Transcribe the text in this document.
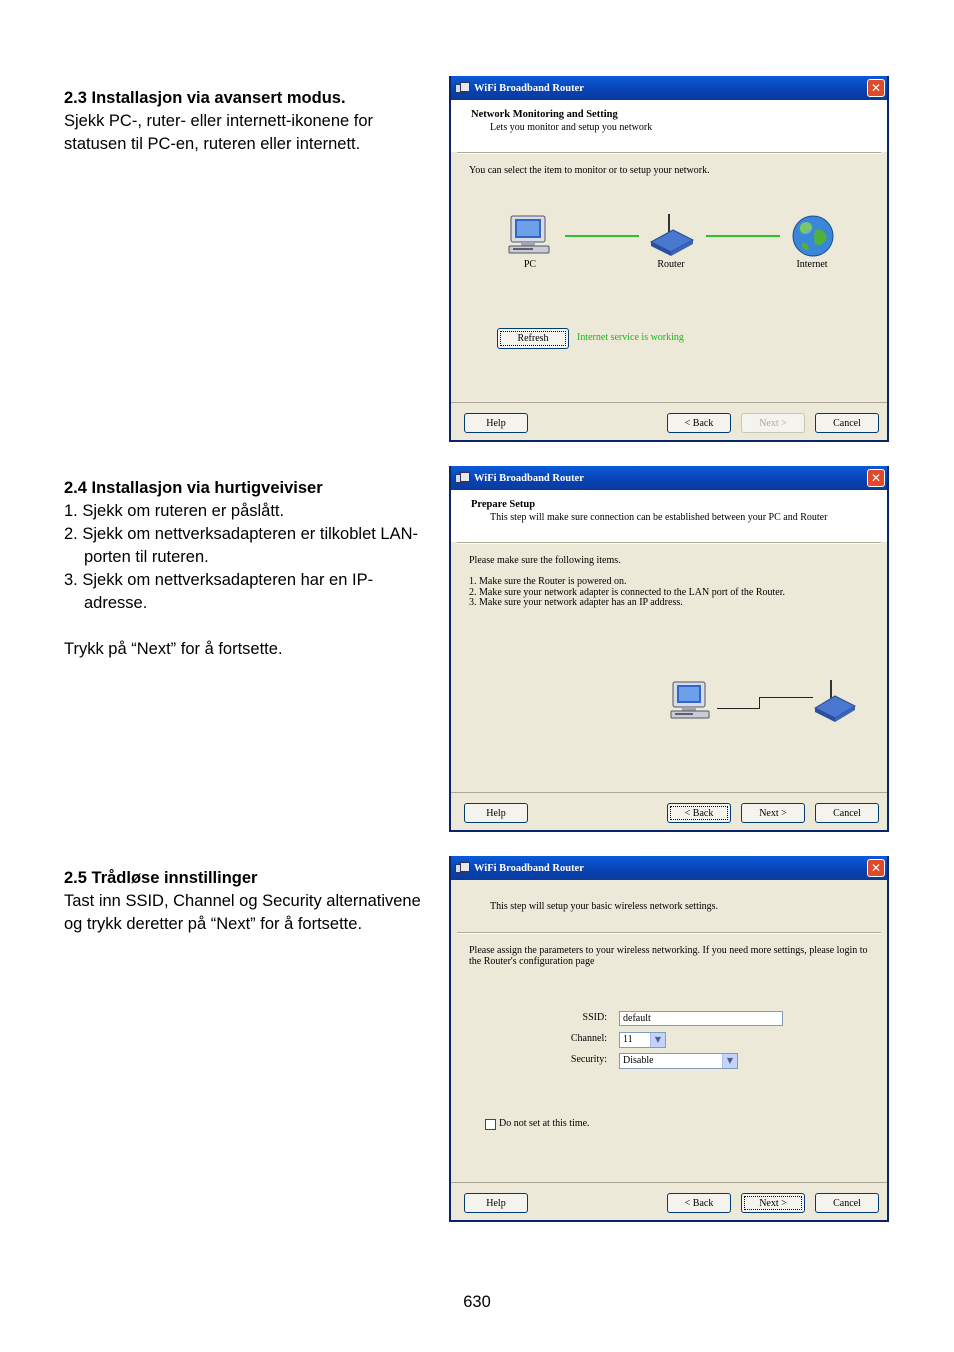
2.3 Installasjon via avansert modus.

Sjekk PC-, ruter- eller internett-ikonene for statusen til PC-en, ruteren eller internett.

2.4 Installasjon via hurtigveiviser
1. Sjekk om ruteren er påslått.
2. Sjekk om nettverksadapteren er tilkoblet LAN-porten til ruteren.
3. Sjekk om nettverksadapteren har en IP-adresse.

Trykk på “Next” for å fortsette.

2.5 Trådløse innstillinger

Tast inn SSID, Channel og Security alternativene og trykk deretter på “Next” for å fortsette.

WiFi Broadband Router	✕
Network Monitoring and Setting
Lets you monitor and setup you network
You can select the item to monitor or to setup your network.
PC	Router	Internet
Refresh	Internet service is working
Help	< Back	Next >	Cancel
WiFi Broadband Router	✕
Prepare Setup
This step will make sure connection can be established between your PC and Router
Please make sure the following items.
1. Make sure the Router is powered on.
2. Make sure your network adapter is connected to the LAN port of the Router.
3. Make sure your network adapter has an IP address.
Help	< Back	Next >	Cancel
WiFi Broadband Router	✕
This step will setup your basic wireless network settings.
Please assign the parameters to your wireless networking. If you need more settings, please login to
the Router's configuration page
SSID:	default
Channel:	11	▼
Security:	Disable	▼
Do not set at this time.
Help	< Back	Next >	Cancel
630
